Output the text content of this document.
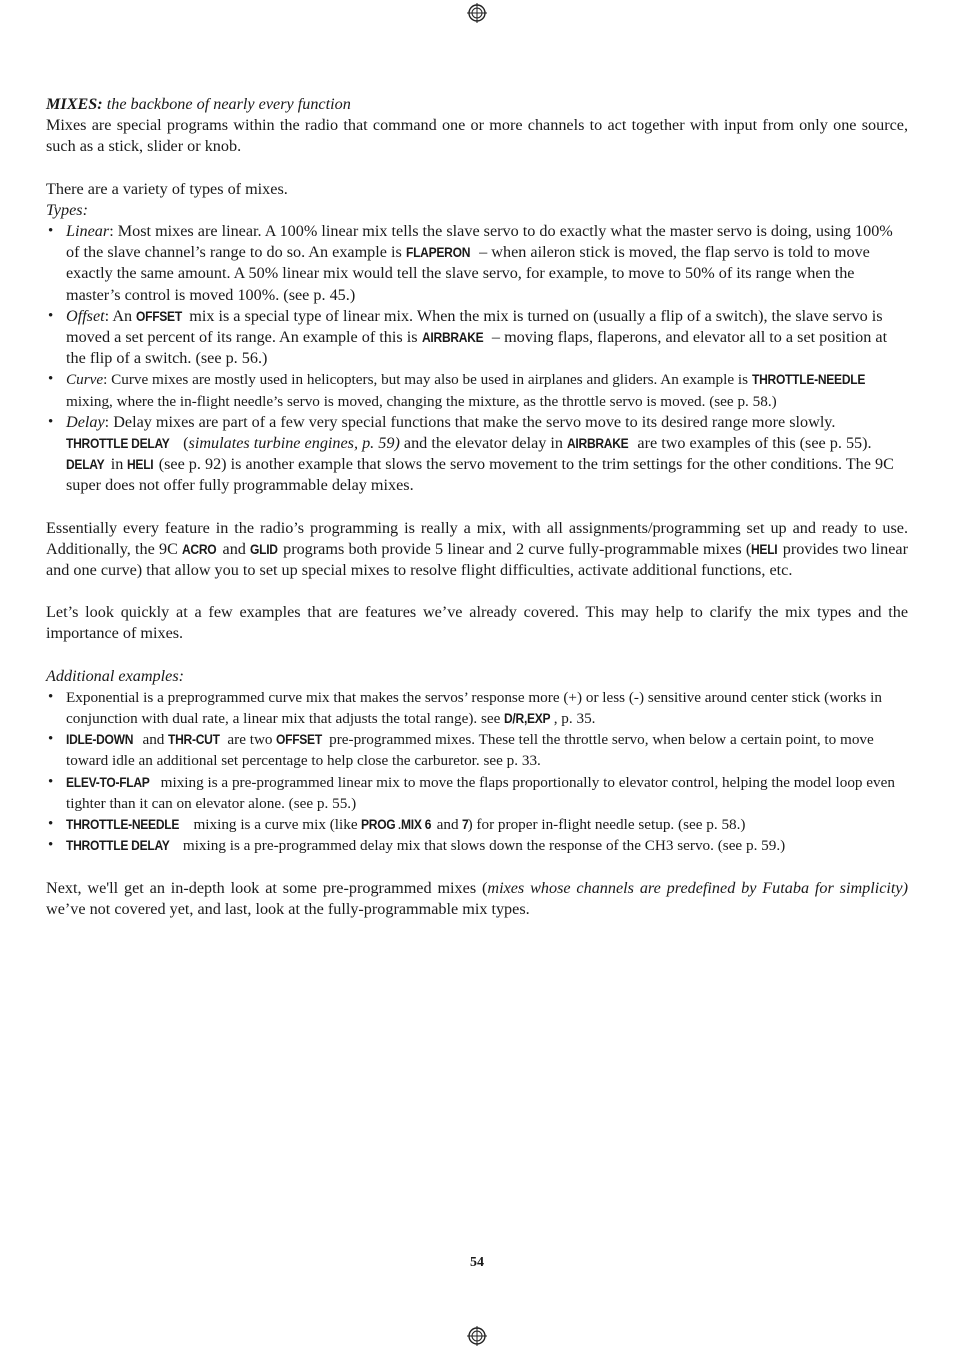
MIXES: the backbone of nearly every function

Mixes are special programs within the radio that command one or more channels to act together with input from only one source, such as a stick, slider or knob.

There are a variety of types of mixes.

Types:

• Linear: Most mixes are linear. A 100% linear mix tells the slave servo to do exactly what the master servo is doing, using 100% of the slave channel’s range to do so. An example is FLAPERON – when aileron stick is moved, the flap servo is told to move exactly the same amount. A 50% linear mix would tell the slave servo, for example, to move to 50% of its range when the master’s control is moved 100%. (see p. 45.)
• Offset: An OFFSET mix is a special type of linear mix. When the mix is turned on (usually a flip of a switch), the slave servo is moved a set percent of its range. An example of this is AIRBRAKE – moving flaps, flaperons, and elevator all to a set position at the flip of a switch. (see p. 56.)
• Curve: Curve mixes are mostly used in helicopters, but may also be used in airplanes and gliders. An example is THROTTLE-NEEDLE mixing, where the in-flight needle’s servo is moved, changing the mixture, as the throttle servo is moved. (see p. 58.)
• Delay: Delay mixes are part of a few very special functions that make the servo move to its desired range more slowly. THROTTLE DELAY (simulates turbine engines, p. 59) and the elevator delay in AIRBRAKE are two examples of this (see p. 55). DELAY in HELI (see p. 92) is another example that slows the servo movement to the trim settings for the other conditions. The 9C super does not offer fully programmable delay mixes.

Essentially every feature in the radio’s programming is really a mix, with all assignments/programming set up and ready to use. Additionally, the 9C ACRO and GLID programs both provide 5 linear and 2 curve fully-programmable mixes (HELI provides two linear and one curve) that allow you to set up special mixes to resolve flight difficulties, activate additional functions, etc.

Let’s look quickly at a few examples that are features we’ve already covered. This may help to clarify the mix types and the importance of mixes.

Additional examples:

• Exponential is a preprogrammed curve mix that makes the servos’ response more (+) or less (-) sensitive around center stick (works in conjunction with dual rate, a linear mix that adjusts the total range). see D/R,EXP , p. 35.
• IDLE-DOWN and THR-CUT are two OFFSET pre-programmed mixes. These tell the throttle servo, when below a certain point, to move toward idle an additional set percentage to help close the carburetor. see p. 33.
• ELEV-TO-FLAP mixing is a pre-programmed linear mix to move the flaps proportionally to elevator control, helping the model loop even tighter than it can on elevator alone. (see p. 55.)
• THROTTLE-NEEDLE mixing is a curve mix (like PROG .MIX 6 and 7) for proper in-flight needle setup. (see p. 58.)
• THROTTLE DELAY mixing is a pre-programmed delay mix that slows down the response of the CH3 servo. (see p. 59.)

Next, we'll get an in-depth look at some pre-programmed mixes (mixes whose channels are predefined by Futaba for simplicity) we’ve not covered yet, and last, look at the fully-programmable mix types.

54
